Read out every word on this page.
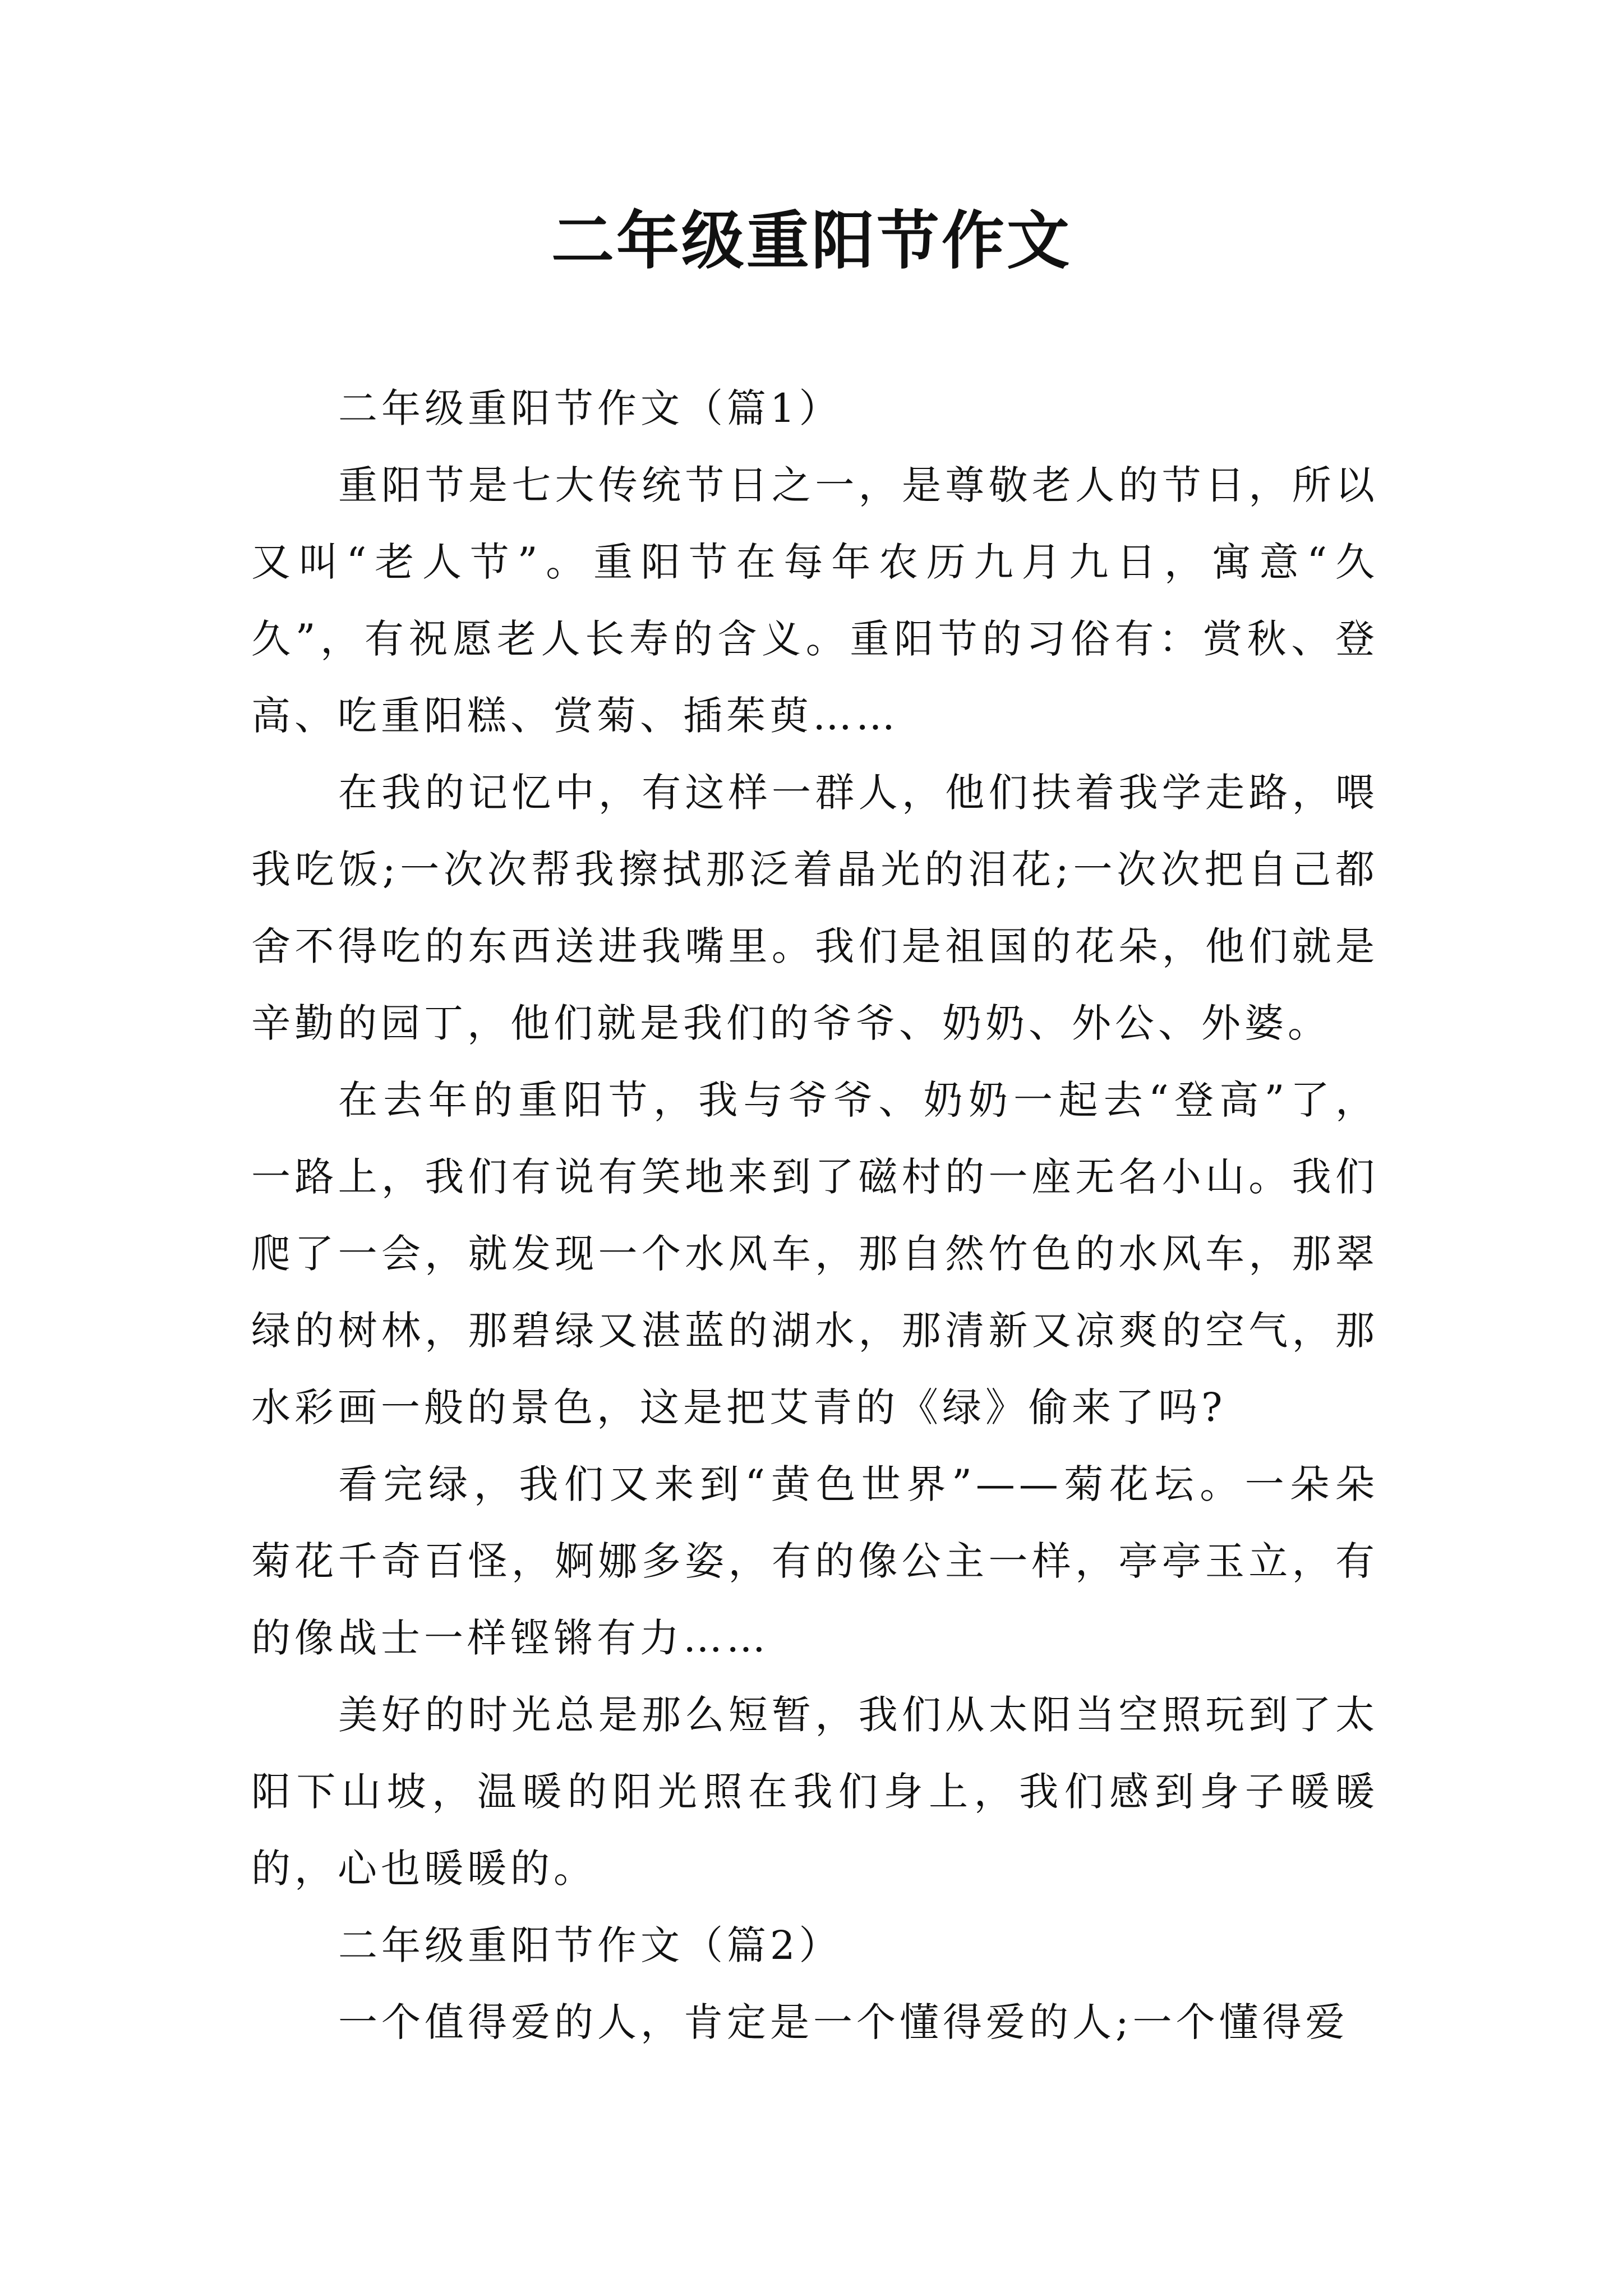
二年级重阳节作文

二年级重阳节作文（篇1）

重阳节是七大传统节日之一，是尊敬老人的节日，所以又叫“老人节”。重阳节在每年农历九月九日，寓意“久久”，有祝愿老人长寿的含义。重阳节的习俗有：赏秋、登高、吃重阳糕、赏菊、插茱萸……

在我的记忆中，有这样一群人，他们扶着我学走路，喂我吃饭;一次次帮我擦拭那泛着晶光的泪花;一次次把自己都舍不得吃的东西送进我嘴里。我们是祖国的花朵，他们就是辛勤的园丁，他们就是我们的爷爷、奶奶、外公、外婆。

在去年的重阳节，我与爷爷、奶奶一起去“登高”了，一路上，我们有说有笑地来到了磁村的一座无名小山。我们爬了一会，就发现一个水风车，那自然竹色的水风车，那翠绿的树林，那碧绿又湛蓝的湖水，那清新又凉爽的空气，那水彩画一般的景色，这是把艾青的《绿》偷来了吗?

看完绿，我们又来到“黄色世界”——菊花坛。一朵朵菊花千奇百怪，婀娜多姿，有的像公主一样，亭亭玉立，有的像战士一样铿锵有力……

美好的时光总是那么短暂，我们从太阳当空照玩到了太阳下山坡，温暖的阳光照在我们身上，我们感到身子暖暖的，心也暖暖的。

二年级重阳节作文（篇2）

一个值得爱的人，肯定是一个懂得爱的人;一个懂得爱
